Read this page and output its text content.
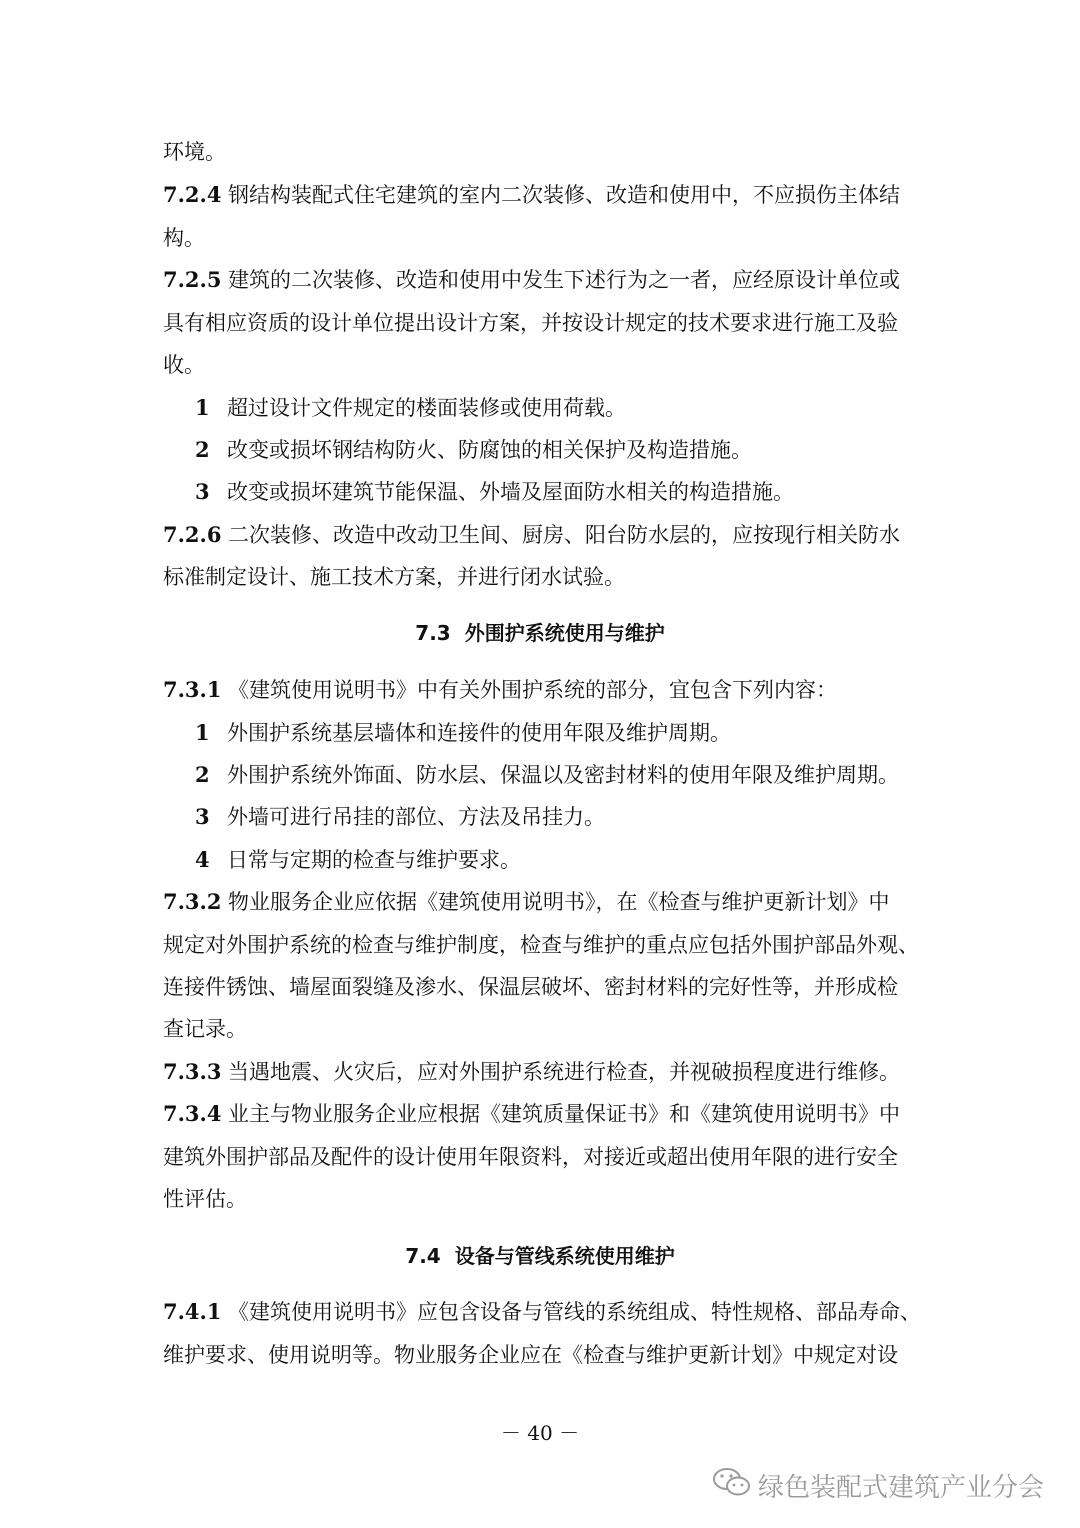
环境。
7.2.4 钢结构装配式住宅建筑的室内二次装修、改造和使用中，不应损伤主体结
构。
7.2.5 建筑的二次装修、改造和使用中发生下述行为之一者，应经原设计单位或
具有相应资质的设计单位提出设计方案，并按设计规定的技术要求进行施工及验
收。
1 超过设计文件规定的楼面装修或使用荷载。
2 改变或损坏钢结构防火、防腐蚀的相关保护及构造措施。
3 改变或损坏建筑节能保温、外墙及屋面防水相关的构造措施。
7.2.6 二次装修、改造中改动卫生间、厨房、阳台防水层的，应按现行相关防水
标准制定设计、施工技术方案，并进行闭水试验。
7.3 外围护系统使用与维护
7.3.1 《建筑使用说明书》中有关外围护系统的部分，宜包含下列内容：
1 外围护系统基层墙体和连接件的使用年限及维护周期。
2 外围护系统外饰面、防水层、保温以及密封材料的使用年限及维护周期。
3 外墙可进行吊挂的部位、方法及吊挂力。
4 日常与定期的检查与维护要求。
7.3.2 物业服务企业应依据《建筑使用说明书》，在《检查与维护更新计划》中
规定对外围护系统的检查与维护制度，检查与维护的重点应包括外围护部品外观、
连接件锈蚀、墙屋面裂缝及渗水、保温层破坏、密封材料的完好性等，并形成检
查记录。
7.3.3 当遇地震、火灾后，应对外围护系统进行检查，并视破损程度进行维修。
7.3.4 业主与物业服务企业应根据《建筑质量保证书》和《建筑使用说明书》中
建筑外围护部品及配件的设计使用年限资料，对接近或超出使用年限的进行安全
性评估。
7.4 设备与管线系统使用维护
7.4.1 《建筑使用说明书》应包含设备与管线的系统组成、特性规格、部品寿命、
维护要求、使用说明等。物业服务企业应在《检查与维护更新计划》中规定对设
－ 40 －
绿色装配式建筑产业分会
